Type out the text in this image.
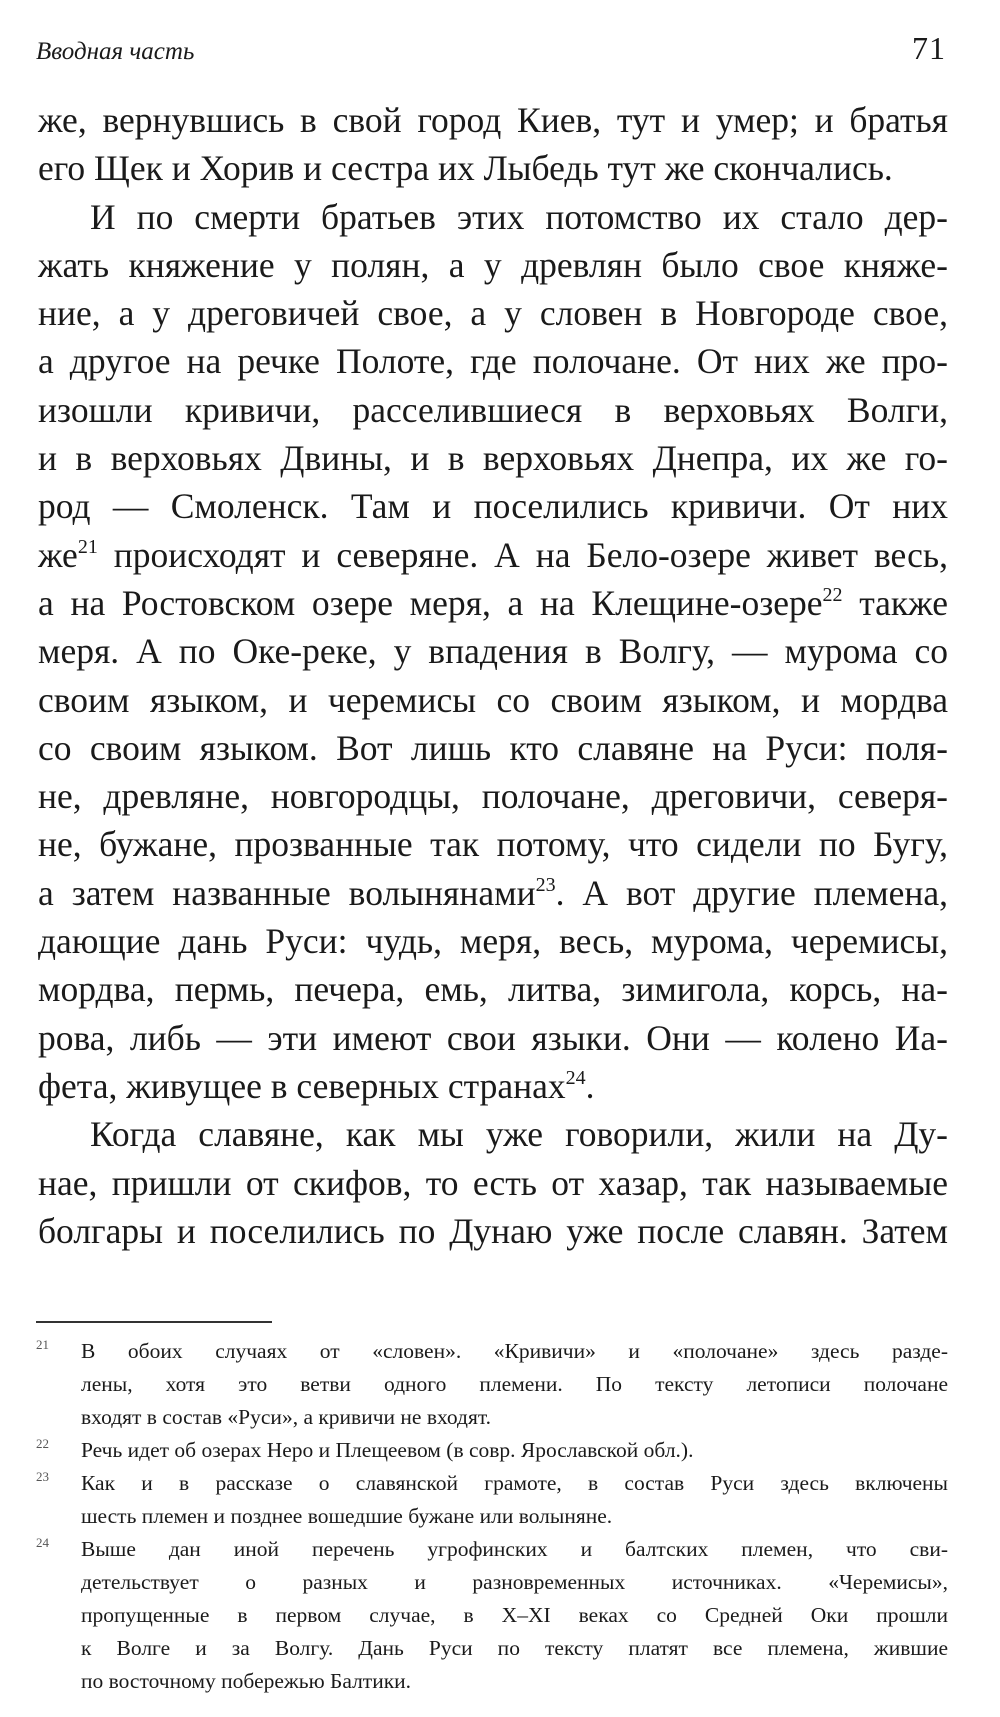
Вводная часть	71
же, вернувшись в свой город Киев, тут и умер; и братья
его Щек и Хорив и сестра их Лыбедь тут же скончались.
И по смерти братьев этих потомство их стало дер-
жать княжение у полян, а у древлян было свое княже-
ние, а у дреговичей свое, а у словен в Новгороде свое,
а другое на речке Полоте, где полочане. От них же про-
изошли кривичи, расселившиеся в верховьях Волги,
и в верховьях Двины, и в верховьях Днепра, их же го-
род — Смоленск. Там и поселились кривичи. От них
$же^{21}$ происходят и северяне. А на Бело-озере живет весь,
а на Ростовском озере меря, а на Клещине-озере$^{22}$ также
меря. А по Оке-реке, у впадения в Волгу, — мурома со
своим языком, и черемисы со своим языком, и мордва
со своим языком. Вот лишь кто славяне на Руси: поля-
не, древляне, новгородцы, полочане, дреговичи, северя-
не, бужане, прозванные так потому, что сидели по Бугу,
а затем названные волынянами$^{23}$. А вот другие племена,
дающие дань Руси: чудь, меря, весь, мурома, черемисы,
мордва, пермь, печера, емь, литва, зимигола, корсь, на-
рова, либь — эти имеют свои языки. Они — колено Иа-
фета, живущее в северных странах$^{24}$.
Когда славяне, как мы уже говорили, жили на Ду-
нае, пришли от скифов, то есть от хазар, так называемые
болгары и поселились по Дунаю уже после славян. Затем
21 В обоих случаях от «словен». «Кривичи» и «полочане» здесь разде-
лены, хотя это ветви одного племени. По тексту летописи полочане
входят в состав «Руси», а кривичи не входят.
22 Речь идет об озерах Неро и Плещеевом (в совр. Ярославской обл.).
23 Как и в рассказе о славянской грамоте, в состав Руси здесь включены
шесть племен и позднее вошедшие бужане или волыняне.
24 Выше дан иной перечень угрофинских и балтских племен, что сви-
детельствует о разных и разновременных источниках. «Черемисы»,
пропущенные в первом случае, в X–XI веках со Средней Оки прошли
к Волге и за Волгу. Дань Руси по тексту платят все племена, жившие
по восточному побережью Балтики.
